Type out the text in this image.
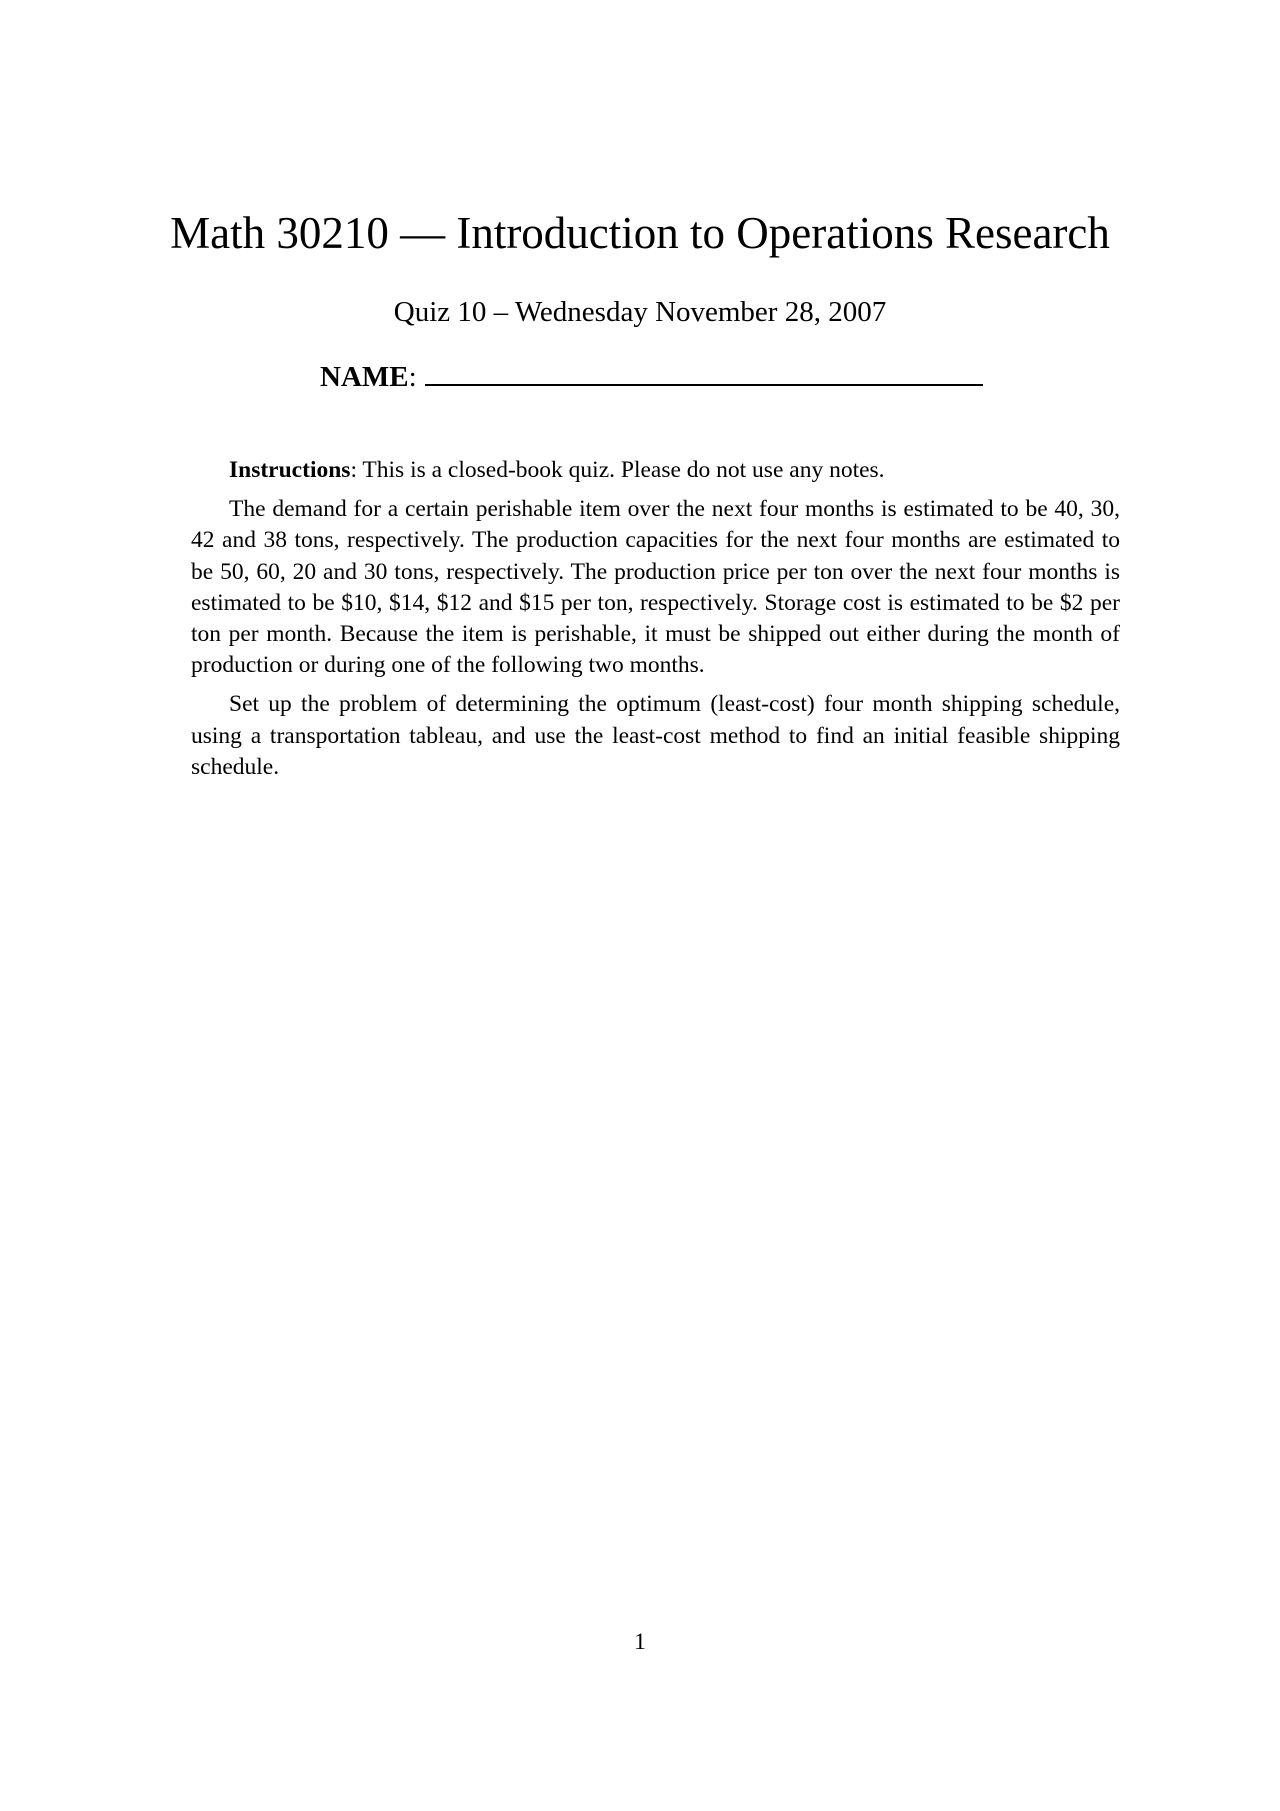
Math 30210 — Introduction to Operations Research
Quiz 10 – Wednesday November 28, 2007
NAME:

Instructions: This is a closed-book quiz. Please do not use any notes.

The demand for a certain perishable item over the next four months is estimated to be 40, 30, 42 and 38 tons, respectively. The production capacities for the next four months are estimated to be 50, 60, 20 and 30 tons, respectively. The production price per ton over the next four months is estimated to be $10, $14, $12 and $15 per ton, respectively. Storage cost is estimated to be $2 per ton per month. Because the item is perishable, it must be shipped out either during the month of production or during one of the following two months.

Set up the problem of determining the optimum (least-cost) four month shipping schedule, using a transportation tableau, and use the least-cost method to find an initial feasible shipping schedule.

1
